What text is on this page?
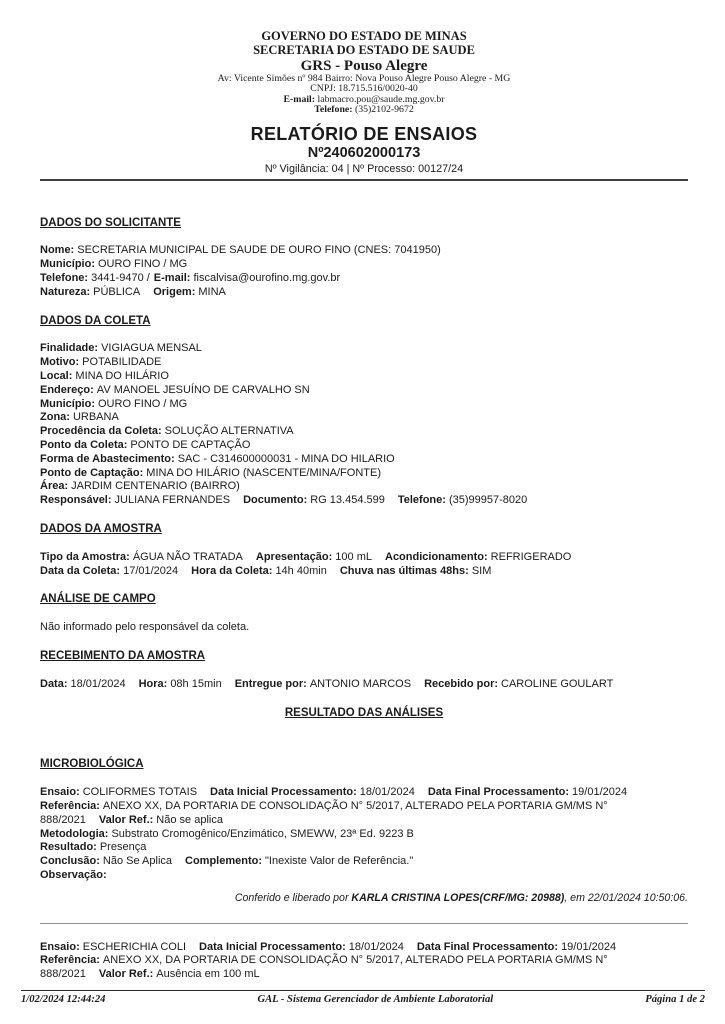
GOVERNO DO ESTADO DE MINAS
SECRETARIA DO ESTADO DE SAUDE
GRS - Pouso Alegre
Av: Vicente Simões nº 984 Bairro: Nova Pouso Alegre Pouso Alegre - MG
CNPJ: 18.715.516/0020-40
E-mail: labmacro.pou@saude.mg.gov.br
Telefone: (35)2102-9672
RELATÓRIO DE ENSAIOS
Nº240602000173
Nº Vigilância: 04 | Nº Processo: 00127/24
DADOS DO SOLICITANTE
Nome: SECRETARIA MUNICIPAL DE SAUDE DE OURO FINO (CNES: 7041950)
Município: OURO FINO / MG
Telefone: 3441-9470 / E-mail: fiscalvisa@ourofino.mg.gov.br
Natureza: PÚBLICA Origem: MINA
DADOS DA COLETA
Finalidade: VIGIAGUA MENSAL
Motivo: POTABILIDADE
Local: MINA DO HILÁRIO
Endereço: AV MANOEL JESUÍNO DE CARVALHO SN
Município: OURO FINO / MG
Zona: URBANA
Procedência da Coleta: SOLUÇÃO ALTERNATIVA
Ponto da Coleta: PONTO DE CAPTAÇÃO
Forma de Abastecimento: SAC - C314600000031 - MINA DO HILARIO
Ponto de Captação: MINA DO HILÁRIO (NASCENTE/MINA/FONTE)
Área: JARDIM CENTENARIO (BAIRRO)
Responsável: JULIANA FERNANDES Documento: RG 13.454.599 Telefone: (35)99957-8020
DADOS DA AMOSTRA
Tipo da Amostra: ÁGUA NÃO TRATADA Apresentação: 100 mL Acondicionamento: REFRIGERADO
Data da Coleta: 17/01/2024 Hora da Coleta: 14h 40min Chuva nas últimas 48hs: SIM
ANÁLISE DE CAMPO
Não informado pelo responsável da coleta.
RECEBIMENTO DA AMOSTRA
Data: 18/01/2024 Hora: 08h 15min Entregue por: ANTONIO MARCOS Recebido por: CAROLINE GOULART
RESULTADO DAS ANÁLISES
MICROBIOLÓGICA
Ensaio: COLIFORMES TOTAIS Data Inicial Processamento: 18/01/2024 Data Final Processamento: 19/01/2024
Referência: ANEXO XX, DA PORTARIA DE CONSOLIDAÇÃO N° 5/2017, ALTERADO PELA PORTARIA GM/MS N° 888/2021 Valor Ref.: Não se aplica
Metodologia: Substrato Cromogênico/Enzimático, SMEWW, 23ª Ed. 9223 B
Resultado: Presença
Conclusão: Não Se Aplica Complemento: "Inexiste Valor de Referência."
Observação:
Conferido e liberado por KARLA CRISTINA LOPES(CRF/MG: 20988), em 22/01/2024 10:50:06.
Ensaio: ESCHERICHIA COLI Data Inicial Processamento: 18/01/2024 Data Final Processamento: 19/01/2024
Referência: ANEXO XX, DA PORTARIA DE CONSOLIDAÇÃO N° 5/2017, ALTERADO PELA PORTARIA GM/MS N° 888/2021 Valor Ref.: Ausência em 100 mL
1/02/2024 12:44:24	GAL - Sistema Gerenciador de Ambiente Laboratorial	Página 1 de 2
